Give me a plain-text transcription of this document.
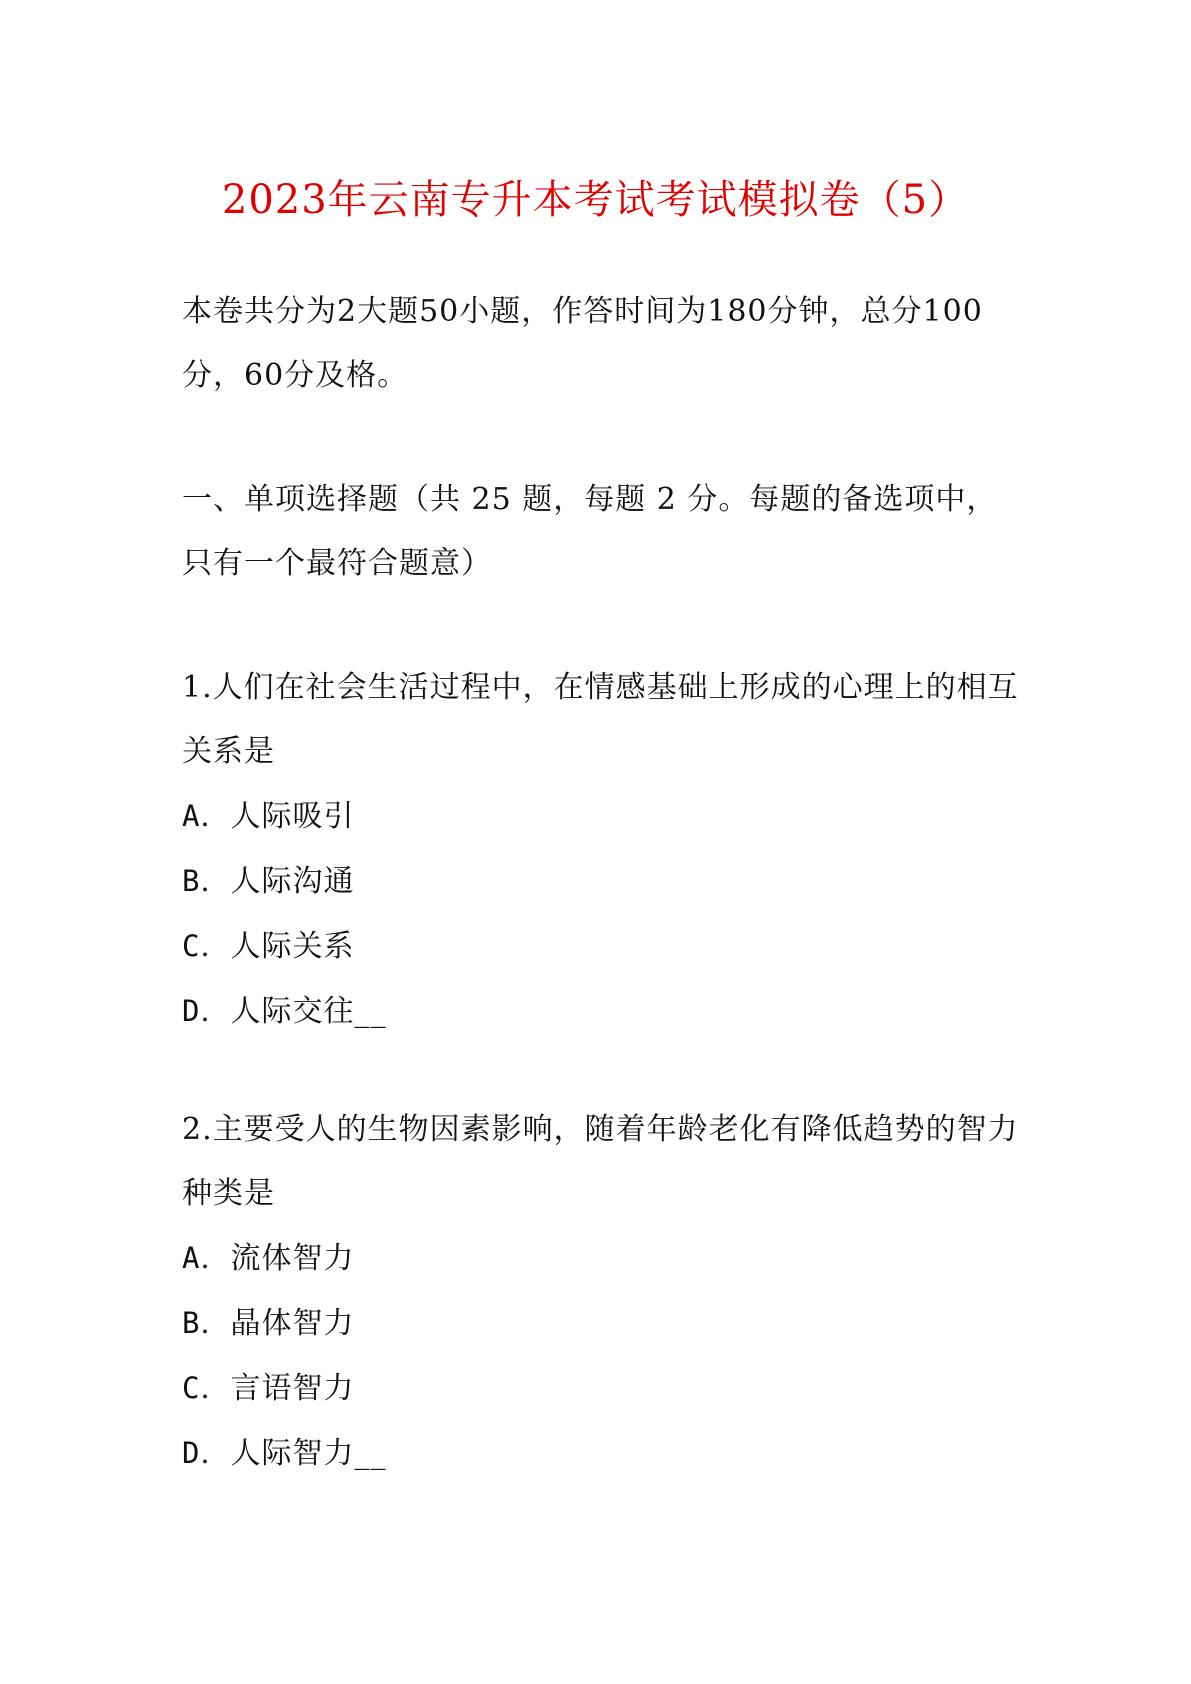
2023年云南专升本考试考试模拟卷（5）

本卷共分为2大题50小题，作答时间为180分钟，总分100分，60分及格。

一、单项选择题（共 25 题，每题 2 分。每题的备选项中，只有一个最符合题意）

1.人们在社会生活过程中，在情感基础上形成的心理上的相互关系是

A．人际吸引

B．人际沟通

C．人际关系

D．人际交往__

2.主要受人的生物因素影响，随着年龄老化有降低趋势的智力种类是

A．流体智力

B．晶体智力

C．言语智力

D．人际智力__
